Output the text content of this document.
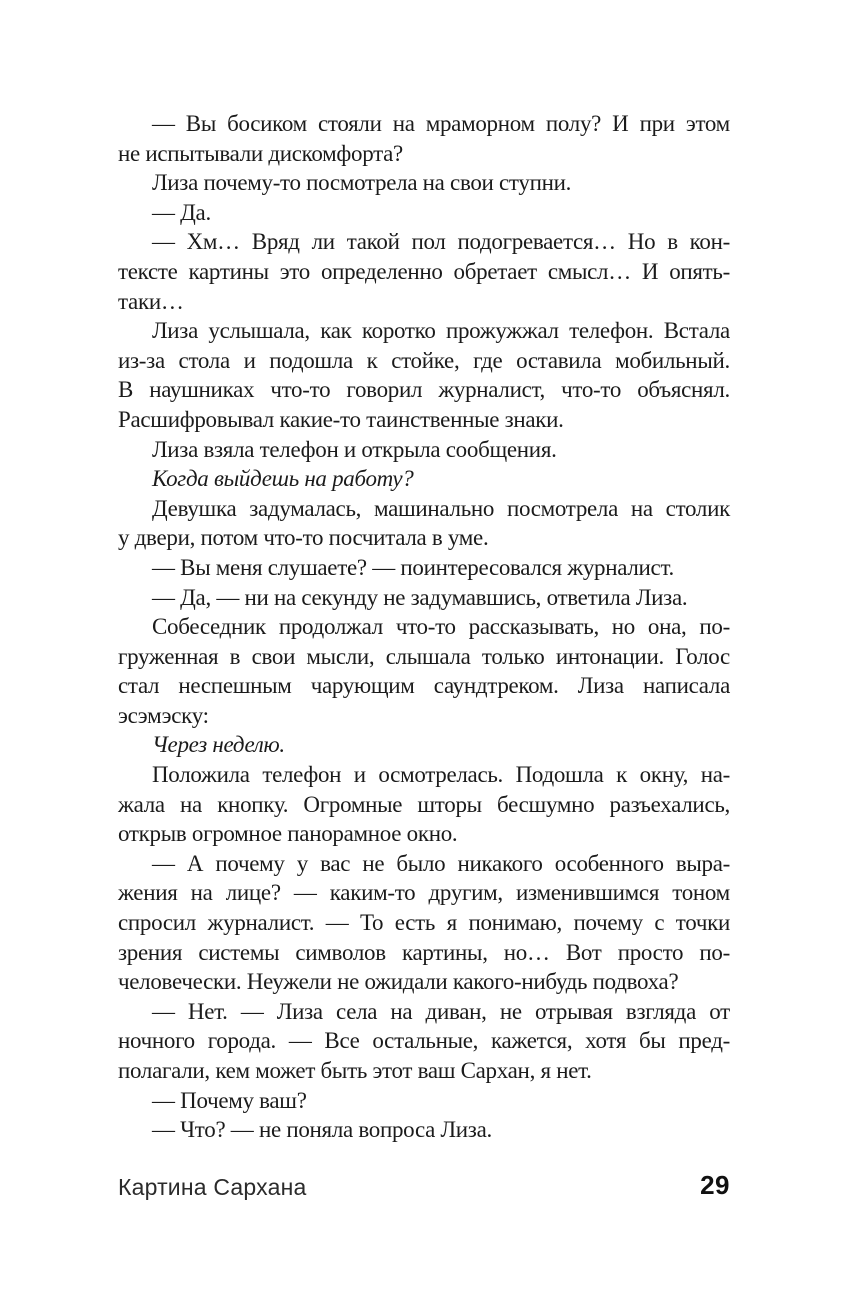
— Вы босиком стояли на мраморном полу? И при этом
не испытывали дискомфорта?
Лиза почему-то посмотрела на свои ступни.
— Да.
— Хм… Вряд ли такой пол подогревается… Но в кон-
тексте картины это определенно обретает смысл… И опять-
таки…
Лиза услышала, как коротко прожужжал телефон. Встала
из-за стола и подошла к стойке, где оставила мобильный.
В наушниках что-то говорил журналист, что-то объяснял.
Расшифровывал какие-то таинственные знаки.
Лиза взяла телефон и открыла сообщения.
Когда выйдешь на работу?
Девушка задумалась, машинально посмотрела на столик
у двери, потом что-то посчитала в уме.
— Вы меня слушаете? — поинтересовался журналист.
— Да, — ни на секунду не задумавшись, ответила Лиза.
Собеседник продолжал что-то рассказывать, но она, по-
груженная в свои мысли, слышала только интонации. Голос
стал неспешным чарующим саундтреком. Лиза написала
эсэмэску:
Через неделю.
Положила телефон и осмотрелась. Подошла к окну, на-
жала на кнопку. Огромные шторы бесшумно разъехались,
открыв огромное панорамное окно.
— А почему у вас не было никакого особенного выра-
жения на лице? — каким-то другим, изменившимся тоном
спросил журналист. — То есть я понимаю, почему с точки
зрения системы символов картины, но… Вот просто по-
человечески. Неужели не ожидали какого-нибудь подвоха?
— Нет. — Лиза села на диван, не отрывая взгляда от
ночного города. — Все остальные, кажется, хотя бы пред-
полагали, кем может быть этот ваш Сархан, я нет.
— Почему ваш?
— Что? — не поняла вопроса Лиза.
Картина Сархана	29
